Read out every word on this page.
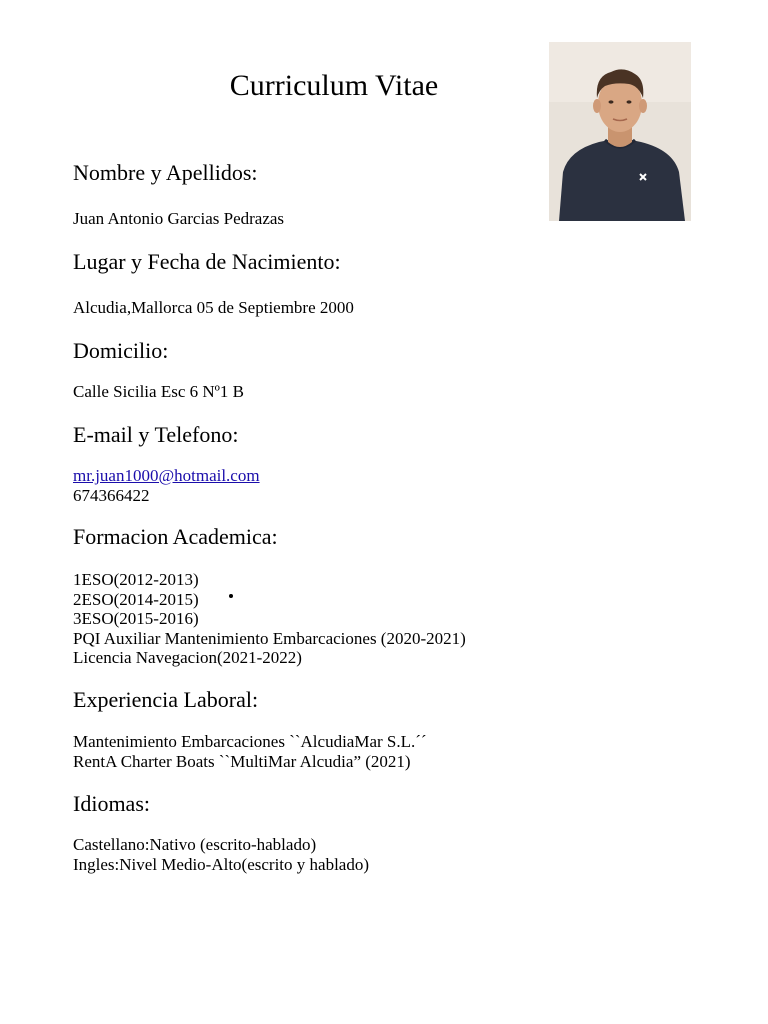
Curriculum Vitae
Nombre y Apellidos:

Juan Antonio Garcias Pedrazas

Lugar y Fecha de Nacimiento:

Alcudia,Mallorca 05 de Septiembre 2000

Domicilio:

Calle Sicilia Esc 6 Nº1 B

E-mail y Telefono:

mr.juan1000@hotmail.com

674366422

Formacion Academica:
1ESO(2012-2013)
2ESO(2014-2015)
3ESO(2015-2016)
PQI Auxiliar Mantenimiento Embarcaciones (2020-2021)
Licencia Navegacion(2021-2022)
Experiencia Laboral:
Mantenimiento Embarcaciones ``AlcudiaMar S.L.´´
RentA Charter Boats ``MultiMar Alcudia” (2021)
Idiomas:
Castellano:Nativo (escrito-hablado)
Ingles:Nivel Medio-Alto(escrito y hablado)
